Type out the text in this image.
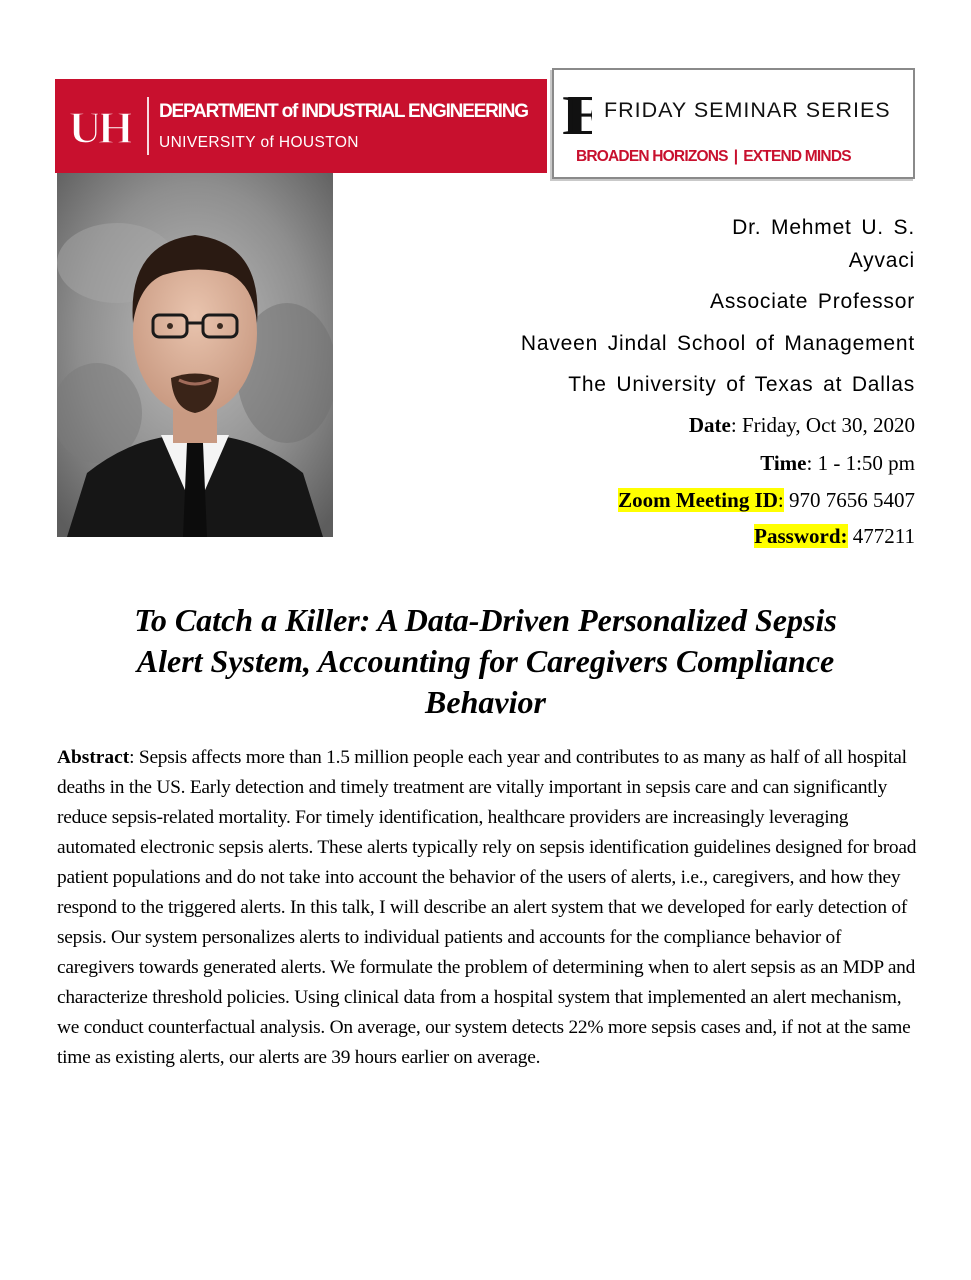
UH DEPARTMENT of INDUSTRIAL ENGINEERING
UNIVERSITY of HOUSTON	IE FRIDAY SEMINAR SERIES
BROADEN HORIZONS | EXTEND MINDS
Dr. Mehmet U. S.
Ayvaci
Associate Professor
Naveen Jindal School of Management
The University of Texas at Dallas
Date: Friday, Oct 30, 2020
Time: 1 - 1:50 pm
Zoom Meeting ID: 970 7656 5407
Password: 477211
To Catch a Killer: A Data-Driven Personalized Sepsis
Alert System, Accounting for Caregivers Compliance
Behavior
Abstract: Sepsis affects more than 1.5 million people each year and contributes to as many as half of all hospital deaths in the US. Early detection and timely treatment are vitally important in sepsis care and can significantly reduce sepsis-related mortality. For timely identification, healthcare providers are increasingly leveraging automated electronic sepsis alerts. These alerts typically rely on sepsis identification guidelines designed for broad patient populations and do not take into account the behavior of the users of alerts, i.e., caregivers, and how they respond to the triggered alerts. In this talk, I will describe an alert system that we developed for early detection of sepsis. Our system personalizes alerts to individual patients and accounts for the compliance behavior of caregivers towards generated alerts. We formulate the problem of determining when to alert sepsis as an MDP and characterize threshold policies. Using clinical data from a hospital system that implemented an alert mechanism, we conduct counterfactual analysis. On average, our system detects 22% more sepsis cases and, if not at the same time as existing alerts, our alerts are 39 hours earlier on average.
